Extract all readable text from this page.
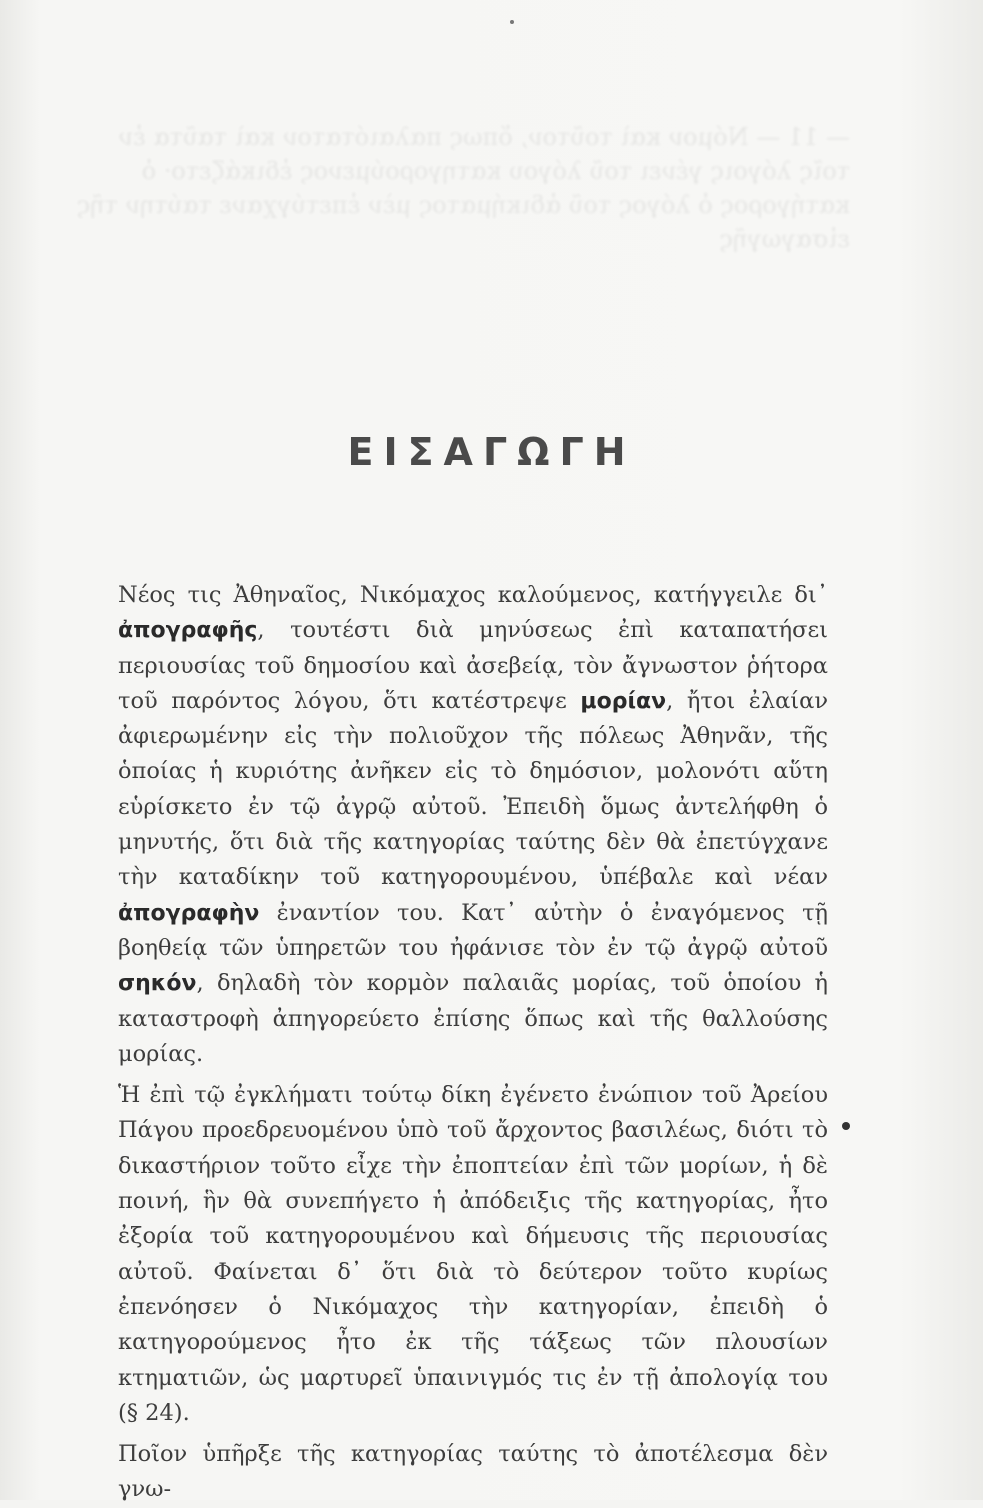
— 11 — Νόμον καὶ τοῦτον, ὅπως παλαιότατον καὶ ταῦτα ἐν τοῖς λόγοις γένει τοῦ λόγου κατηγορούμενος ἐδικάζετο· ὁ κατήγορος ὁ λόγος τοῦ ἀδικήματος μὲν ἐπετύγχανε ταύτην τῆς εἰσαγωγῆς
ΕΙΣΑΓΩΓΗ

Νέος τις Ἀθηναῖος, Νικόμαχος καλούμενος, κατήγγειλε δι᾽ ἀπογραφῆς, τουτέστι διὰ μηνύσεως ἐπὶ καταπατήσει περιουσίας τοῦ δημοσίου καὶ ἀσεβείᾳ, τὸν ἄγνωστον ῥήτορα τοῦ παρόντος λόγου, ὅτι κατέστρεψε μορίαν, ἤτοι ἐλαίαν ἀφιερωμένην εἰς τὴν πολιοῦχον τῆς πόλεως Ἀθηνᾶν, τῆς ὁποίας ἡ κυριότης ἀνῆκεν εἰς τὸ δημόσιον, μολονότι αὕτη εὑρίσκετο ἐν τῷ ἀγρῷ αὐτοῦ. Ἐπειδὴ ὅμως ἀντελήφθη ὁ μηνυτής, ὅτι διὰ τῆς κατηγορίας ταύτης δὲν θὰ ἐπετύγχανε τὴν καταδίκην τοῦ κατηγορουμένου, ὑπέβαλε καὶ νέαν ἀπογραφὴν ἐναντίον του. Κατ᾽ αὐτὴν ὁ ἐναγόμενος τῇ βοηθείᾳ τῶν ὑπηρετῶν του ἠφάνισε τὸν ἐν τῷ ἀγρῷ αὐτοῦ σηκόν, δηλαδὴ τὸν κορμὸν παλαιᾶς μορίας, τοῦ ὁποίου ἡ καταστροφὴ ἀπηγορεύετο ἐπίσης ὅπως καὶ τῆς θαλλούσης μορίας.

Ἡ ἐπὶ τῷ ἐγκλήματι τούτῳ δίκη ἐγένετο ἐνώπιον τοῦ Ἀρείου Πάγου προεδρευομένου ὑπὸ τοῦ ἄρχοντος βασιλέως, διότι τὸ δικαστήριον τοῦτο εἶχε τὴν ἐποπτείαν ἐπὶ τῶν μορίων, ἡ δὲ ποινή, ἣν θὰ συνεπήγετο ἡ ἀπόδειξις τῆς κατηγορίας, ἦτο ἐξορία τοῦ κατηγορουμένου καὶ δήμευσις τῆς περιουσίας αὐτοῦ. Φαίνεται δ᾽ ὅτι διὰ τὸ δεύτερον τοῦτο κυρίως ἐπενόησεν ὁ Νικόμαχος τὴν κατηγορίαν, ἐπειδὴ ὁ κατηγορούμενος ἦτο ἐκ τῆς τάξεως τῶν πλουσίων κτηματιῶν, ὡς μαρτυρεῖ ὑπαινιγμός τις ἐν τῇ ἀπολογίᾳ του (§ 24).

Ποῖον ὑπῆρξε τῆς κατηγορίας ταύτης τὸ ἀποτέλεσμα δὲν γνω-
